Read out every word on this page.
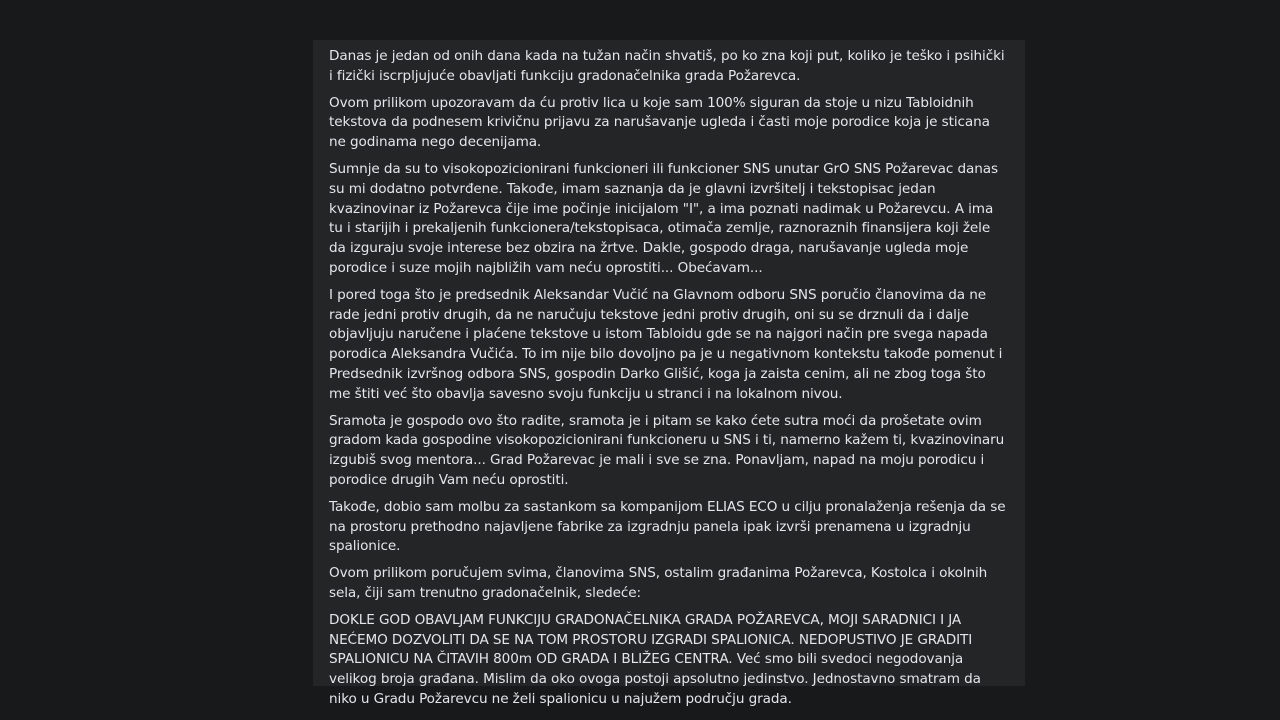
Danas je jedan od onih dana kada na tužan način shvatiš, po ko zna koji put, koliko je teško i psihički i fizički iscrpljujuće obavljati funkciju gradonačelnika grada Požarevca.

Ovom prilikom upozoravam da ću protiv lica u koje sam 100% siguran da stoje u nizu Tabloidnih tekstova da podnesem krivičnu prijavu za narušavanje ugleda i časti moje porodice koja je sticana ne godinama nego decenijama.

Sumnje da su to visokopozicionirani funkcioneri ili funkcioner SNS unutar GrO SNS Požarevac danas su mi dodatno potvrđene. Takođe, imam saznanja da je glavni izvršitelj i tekstopisac jedan kvazinovinar iz Požarevca čije ime počinje inicijalom "I", a ima poznati nadimak u Požarevcu. A ima tu i starijih i prekaljenih funkcionera/tekstopisaca, otimača zemlje, raznoraznih finansijera koji žele da izguraju svoje interese bez obzira na žrtve. Dakle, gospodo draga, narušavanje ugleda moje porodice i suze mojih najbližih vam neću oprostiti... Obećavam...

I pored toga što je predsednik Aleksandar Vučić na Glavnom odboru SNS poručio članovima da ne rade jedni protiv drugih, da ne naručuju tekstove jedni protiv drugih, oni su se drznuli da i dalje objavljuju naručene i plaćene tekstove u istom Tabloidu gde se na najgori način pre svega napada porodica Aleksandra Vučića. To im nije bilo dovoljno pa je u negativnom kontekstu takođe pomenut i Predsednik izvršnog odbora SNS, gospodin Darko Glišić, koga ja zaista cenim, ali ne zbog toga što me štiti već što obavlja savesno svoju funkciju u stranci i na lokalnom nivou.

Sramota je gospodo ovo što radite, sramota je i pitam se kako ćete sutra moći da prošetate ovim gradom kada gospodine visokopozicionirani funkcioneru u SNS i ti, namerno kažem ti, kvazinovinaru izgubiš svog mentora... Grad Požarevac je mali i sve se zna. Ponavljam, napad na moju porodicu i porodice drugih Vam neću oprostiti.

Takođe, dobio sam molbu za sastankom sa kompanijom ELIAS ECO u cilju pronalaženja rešenja da se na prostoru prethodno najavljene fabrike za izgradnju panela ipak izvrši prenamena u izgradnju spalionice.

Ovom prilikom poručujem svima, članovima SNS, ostalim građanima Požarevca, Kostolca i okolnih sela, čiji sam trenutno gradonačelnik, sledeće:

DOKLE GOD OBAVLJAM FUNKCIJU GRADONAČELNIKA GRADA POŽAREVCA, MOJI SARADNICI I JA NEĆEMO DOZVOLITI DA SE NA TOM PROSTORU IZGRADI SPALIONICA. NEDOPUSTIVO JE GRADITI SPALIONICU NA ČITAVIH 800m OD GRADA I BLIŽEG CENTRA. Već smo bili svedoci negodovanja velikog broja građana. Mislim da oko ovoga postoji apsolutno jedinstvo. Jednostavno smatram da niko u Gradu Požarevcu ne želi spalionicu u najužem području grada.
